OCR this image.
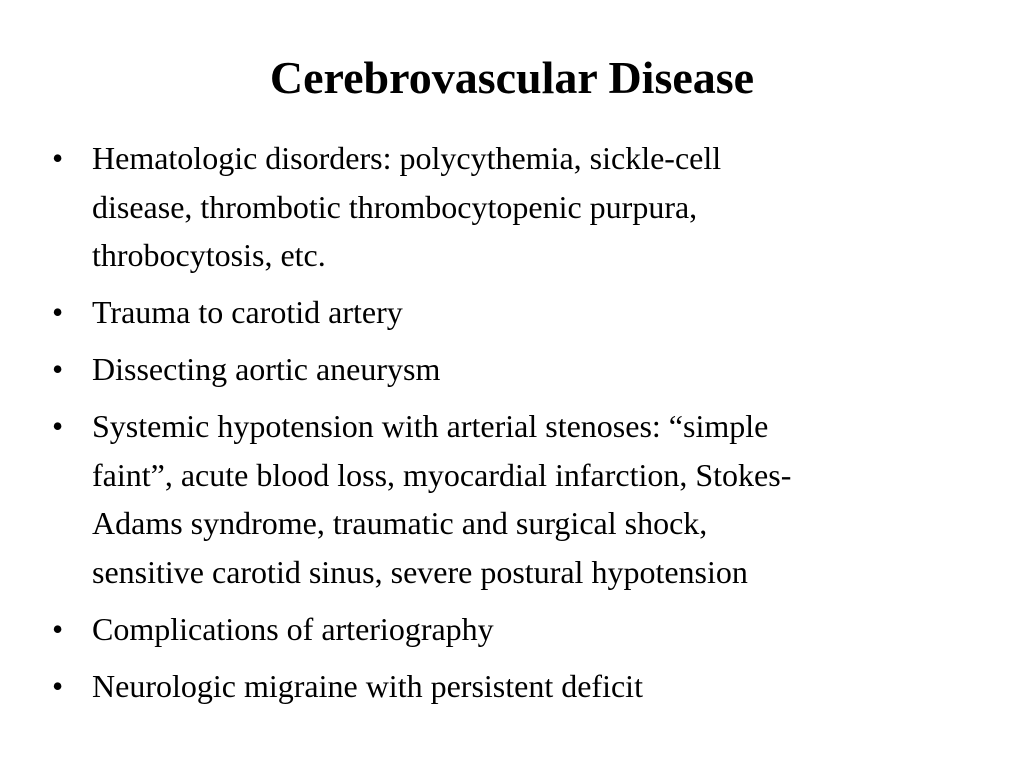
Cerebrovascular Disease
• Hematologic disorders: polycythemia, sickle-cell
disease, thrombotic thrombocytopenic purpura,
throbocytosis, etc.
• Trauma to carotid artery
• Dissecting aortic aneurysm
• Systemic hypotension with arterial stenoses: “simple
faint”, acute blood loss, myocardial infarction, Stokes-
Adams syndrome, traumatic and surgical shock,
sensitive carotid sinus, severe postural hypotension
• Complications of arteriography
• Neurologic migraine with persistent deficit
